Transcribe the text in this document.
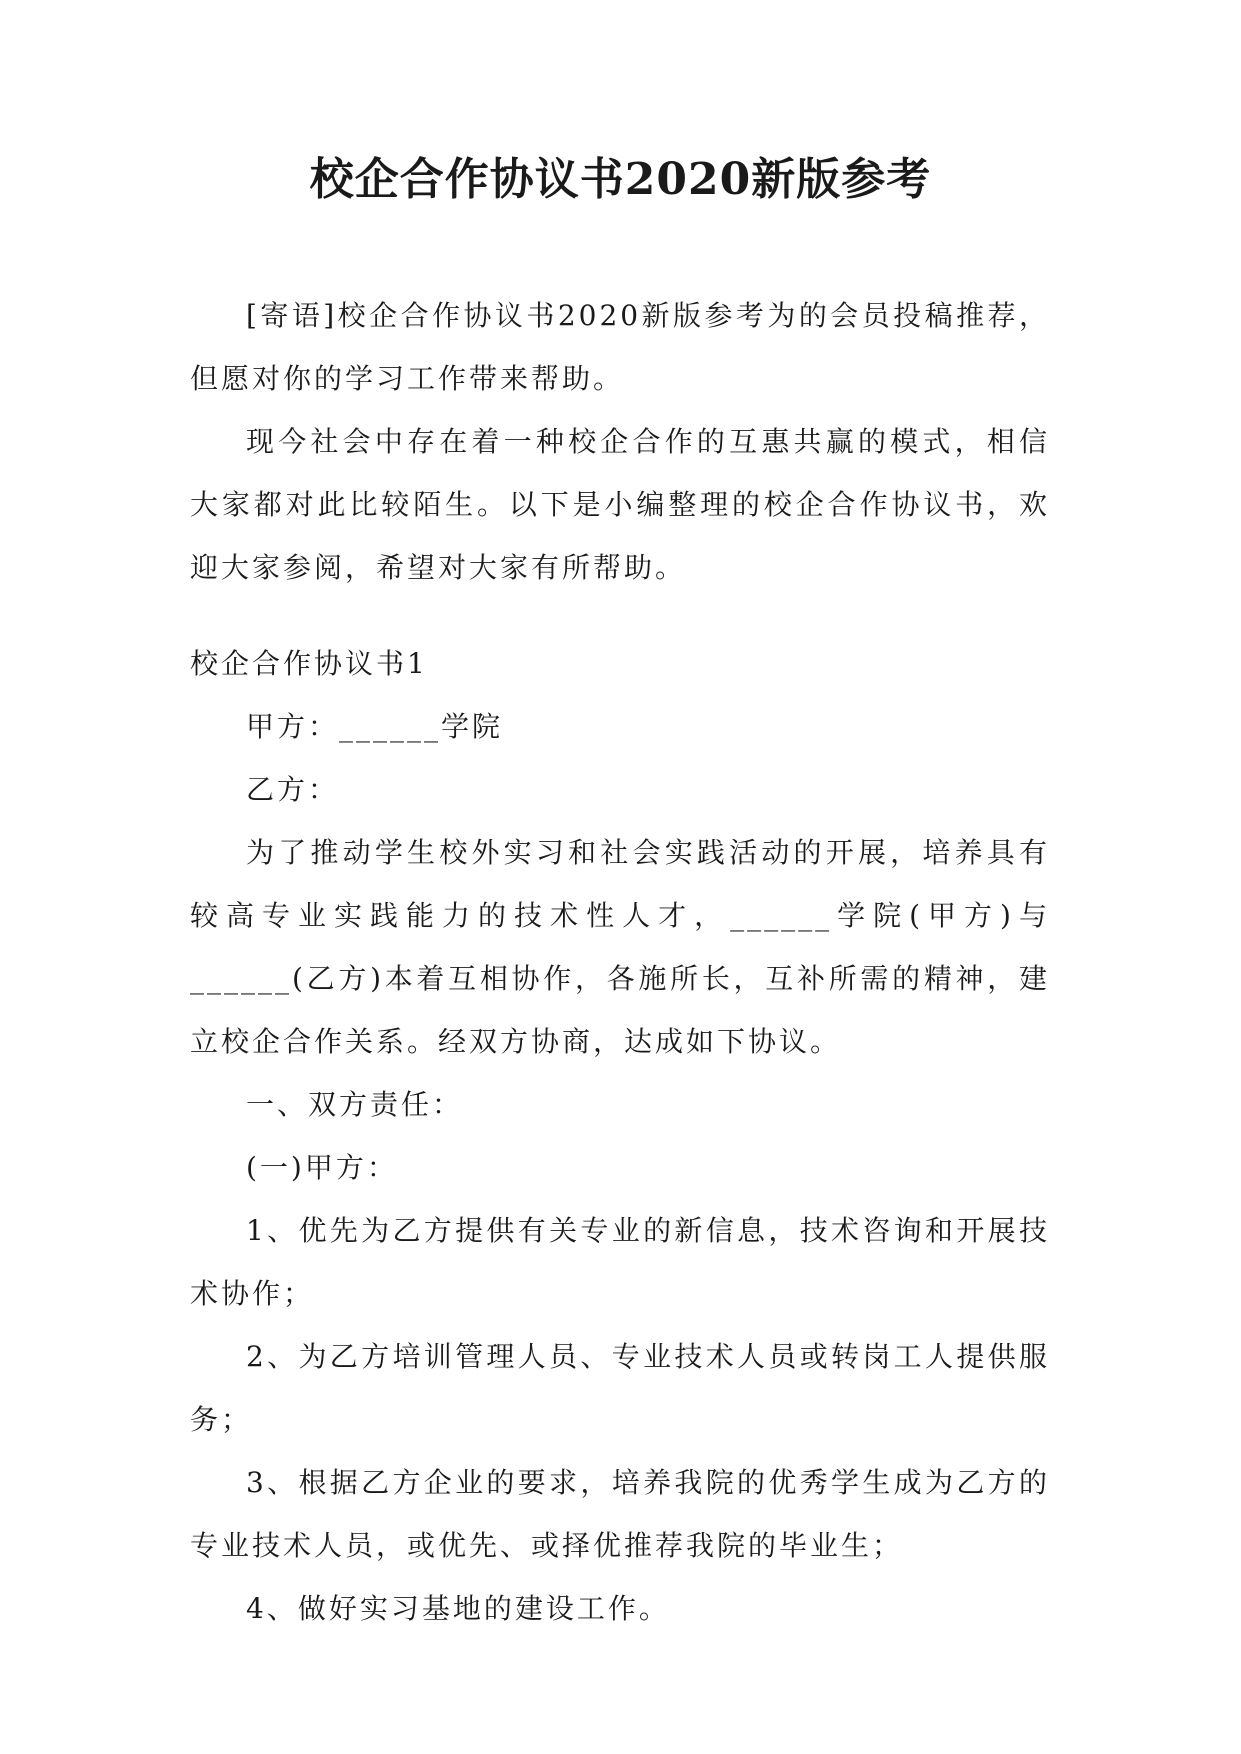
校企合作协议书2020新版参考

[寄语]校企合作协议书2020新版参考为的会员投稿推荐，但愿对你的学习工作带来帮助。

现今社会中存在着一种校企合作的互惠共赢的模式，相信大家都对此比较陌生。以下是小编整理的校企合作协议书，欢迎大家参阅，希望对大家有所帮助。

校企合作协议书1

甲方：______学院

乙方：

为了推动学生校外实习和社会实践活动的开展，培养具有较高专业实践能力的技术性人才，______学院(甲方)与______(乙方)本着互相协作，各施所长，互补所需的精神，建立校企合作关系。经双方协商，达成如下协议。

一、双方责任：

(一)甲方：

1、优先为乙方提供有关专业的新信息，技术咨询和开展技术协作；

2、为乙方培训管理人员、专业技术人员或转岗工人提供服务；

3、根据乙方企业的要求，培养我院的优秀学生成为乙方的专业技术人员，或优先、或择优推荐我院的毕业生；

4、做好实习基地的建设工作。
